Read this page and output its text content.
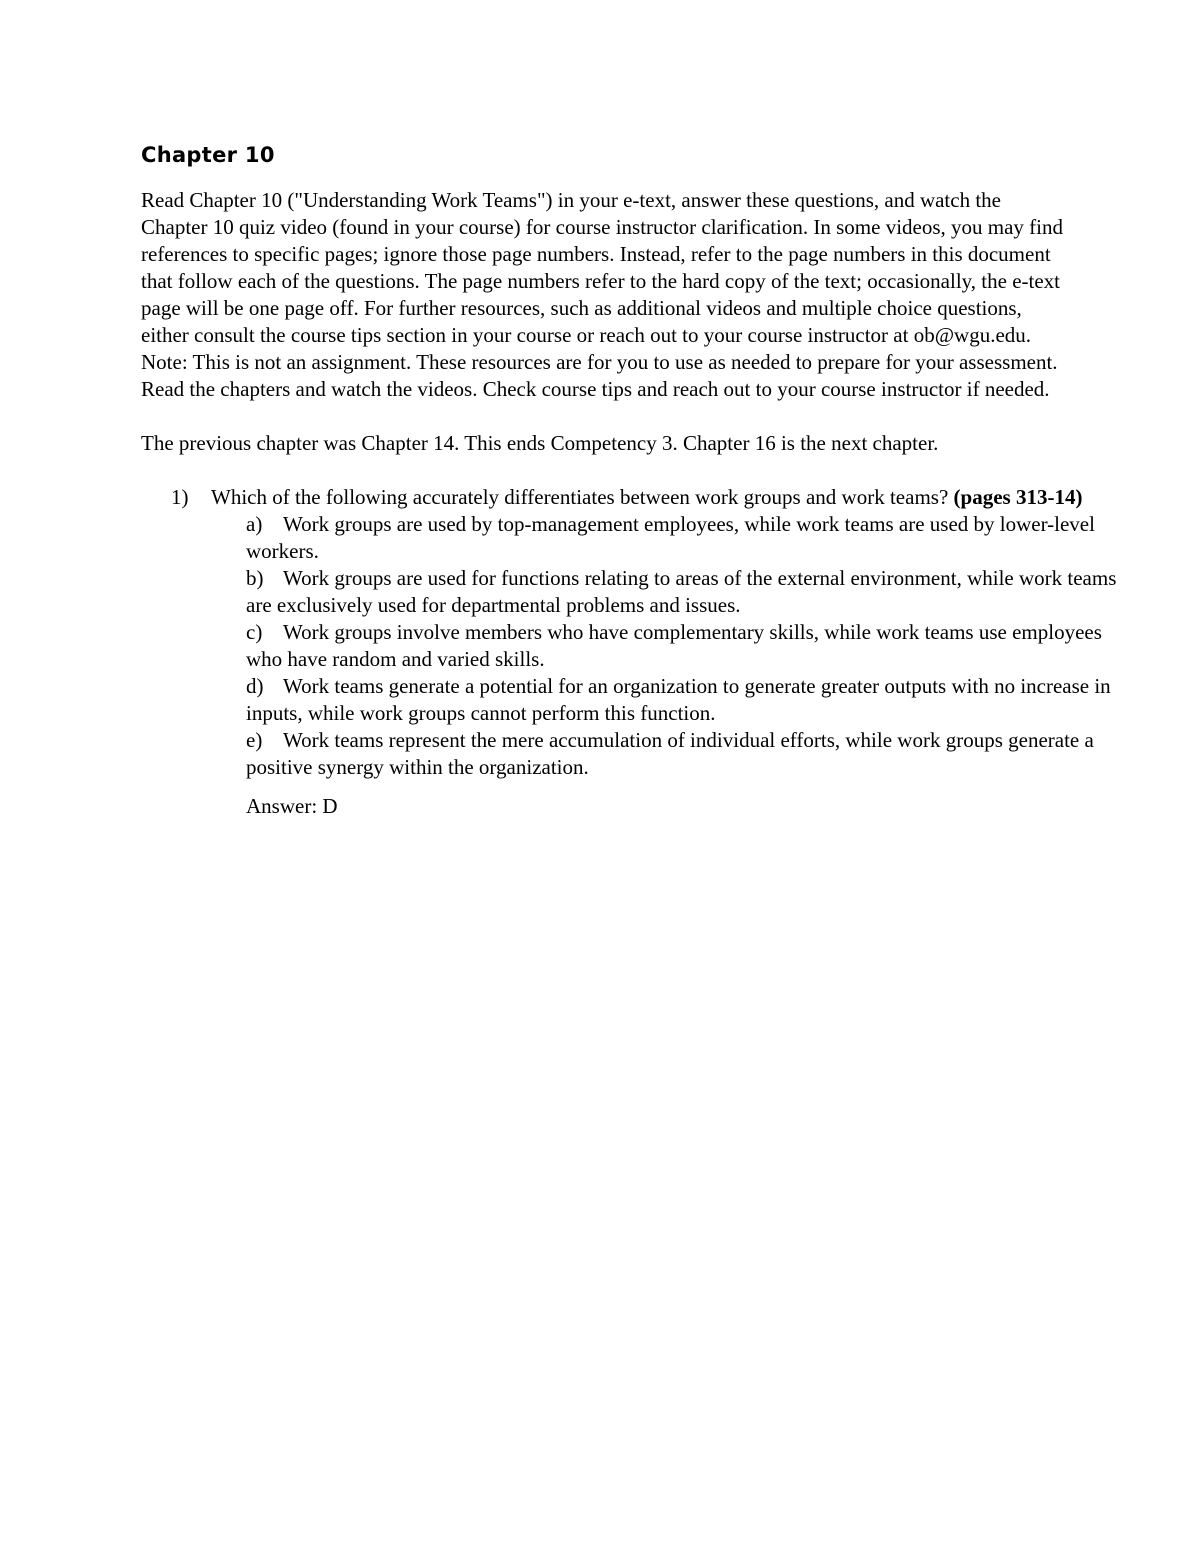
Chapter 10

Read Chapter 10 ("Understanding Work Teams") in your e-text, answer these questions, and watch the Chapter 10 quiz video (found in your course) for course instructor clarification. In some videos, you may find references to specific pages; ignore those page numbers. Instead, refer to the page numbers in this document that follow each of the questions. The page numbers refer to the hard copy of the text; occasionally, the e-text page will be one page off. For further resources, such as additional videos and multiple choice questions, either consult the course tips section in your course or reach out to your course instructor at ob@wgu.edu. Note: This is not an assignment. These resources are for you to use as needed to prepare for your assessment. Read the chapters and watch the videos. Check course tips and reach out to your course instructor if needed.

The previous chapter was Chapter 14. This ends Competency 3. Chapter 16 is the next chapter.

1) Which of the following accurately differentiates between work groups and work teams? (pages 313-14)
a) Work groups are used by top-management employees, while work teams are used by lower-level workers.
b) Work groups are used for functions relating to areas of the external environment, while work teams are exclusively used for departmental problems and issues.
c) Work groups involve members who have complementary skills, while work teams use employees who have random and varied skills.
d) Work teams generate a potential for an organization to generate greater outputs with no increase in inputs, while work groups cannot perform this function.
e) Work teams represent the mere accumulation of individual efforts, while work groups generate a positive synergy within the organization.

Answer: D
